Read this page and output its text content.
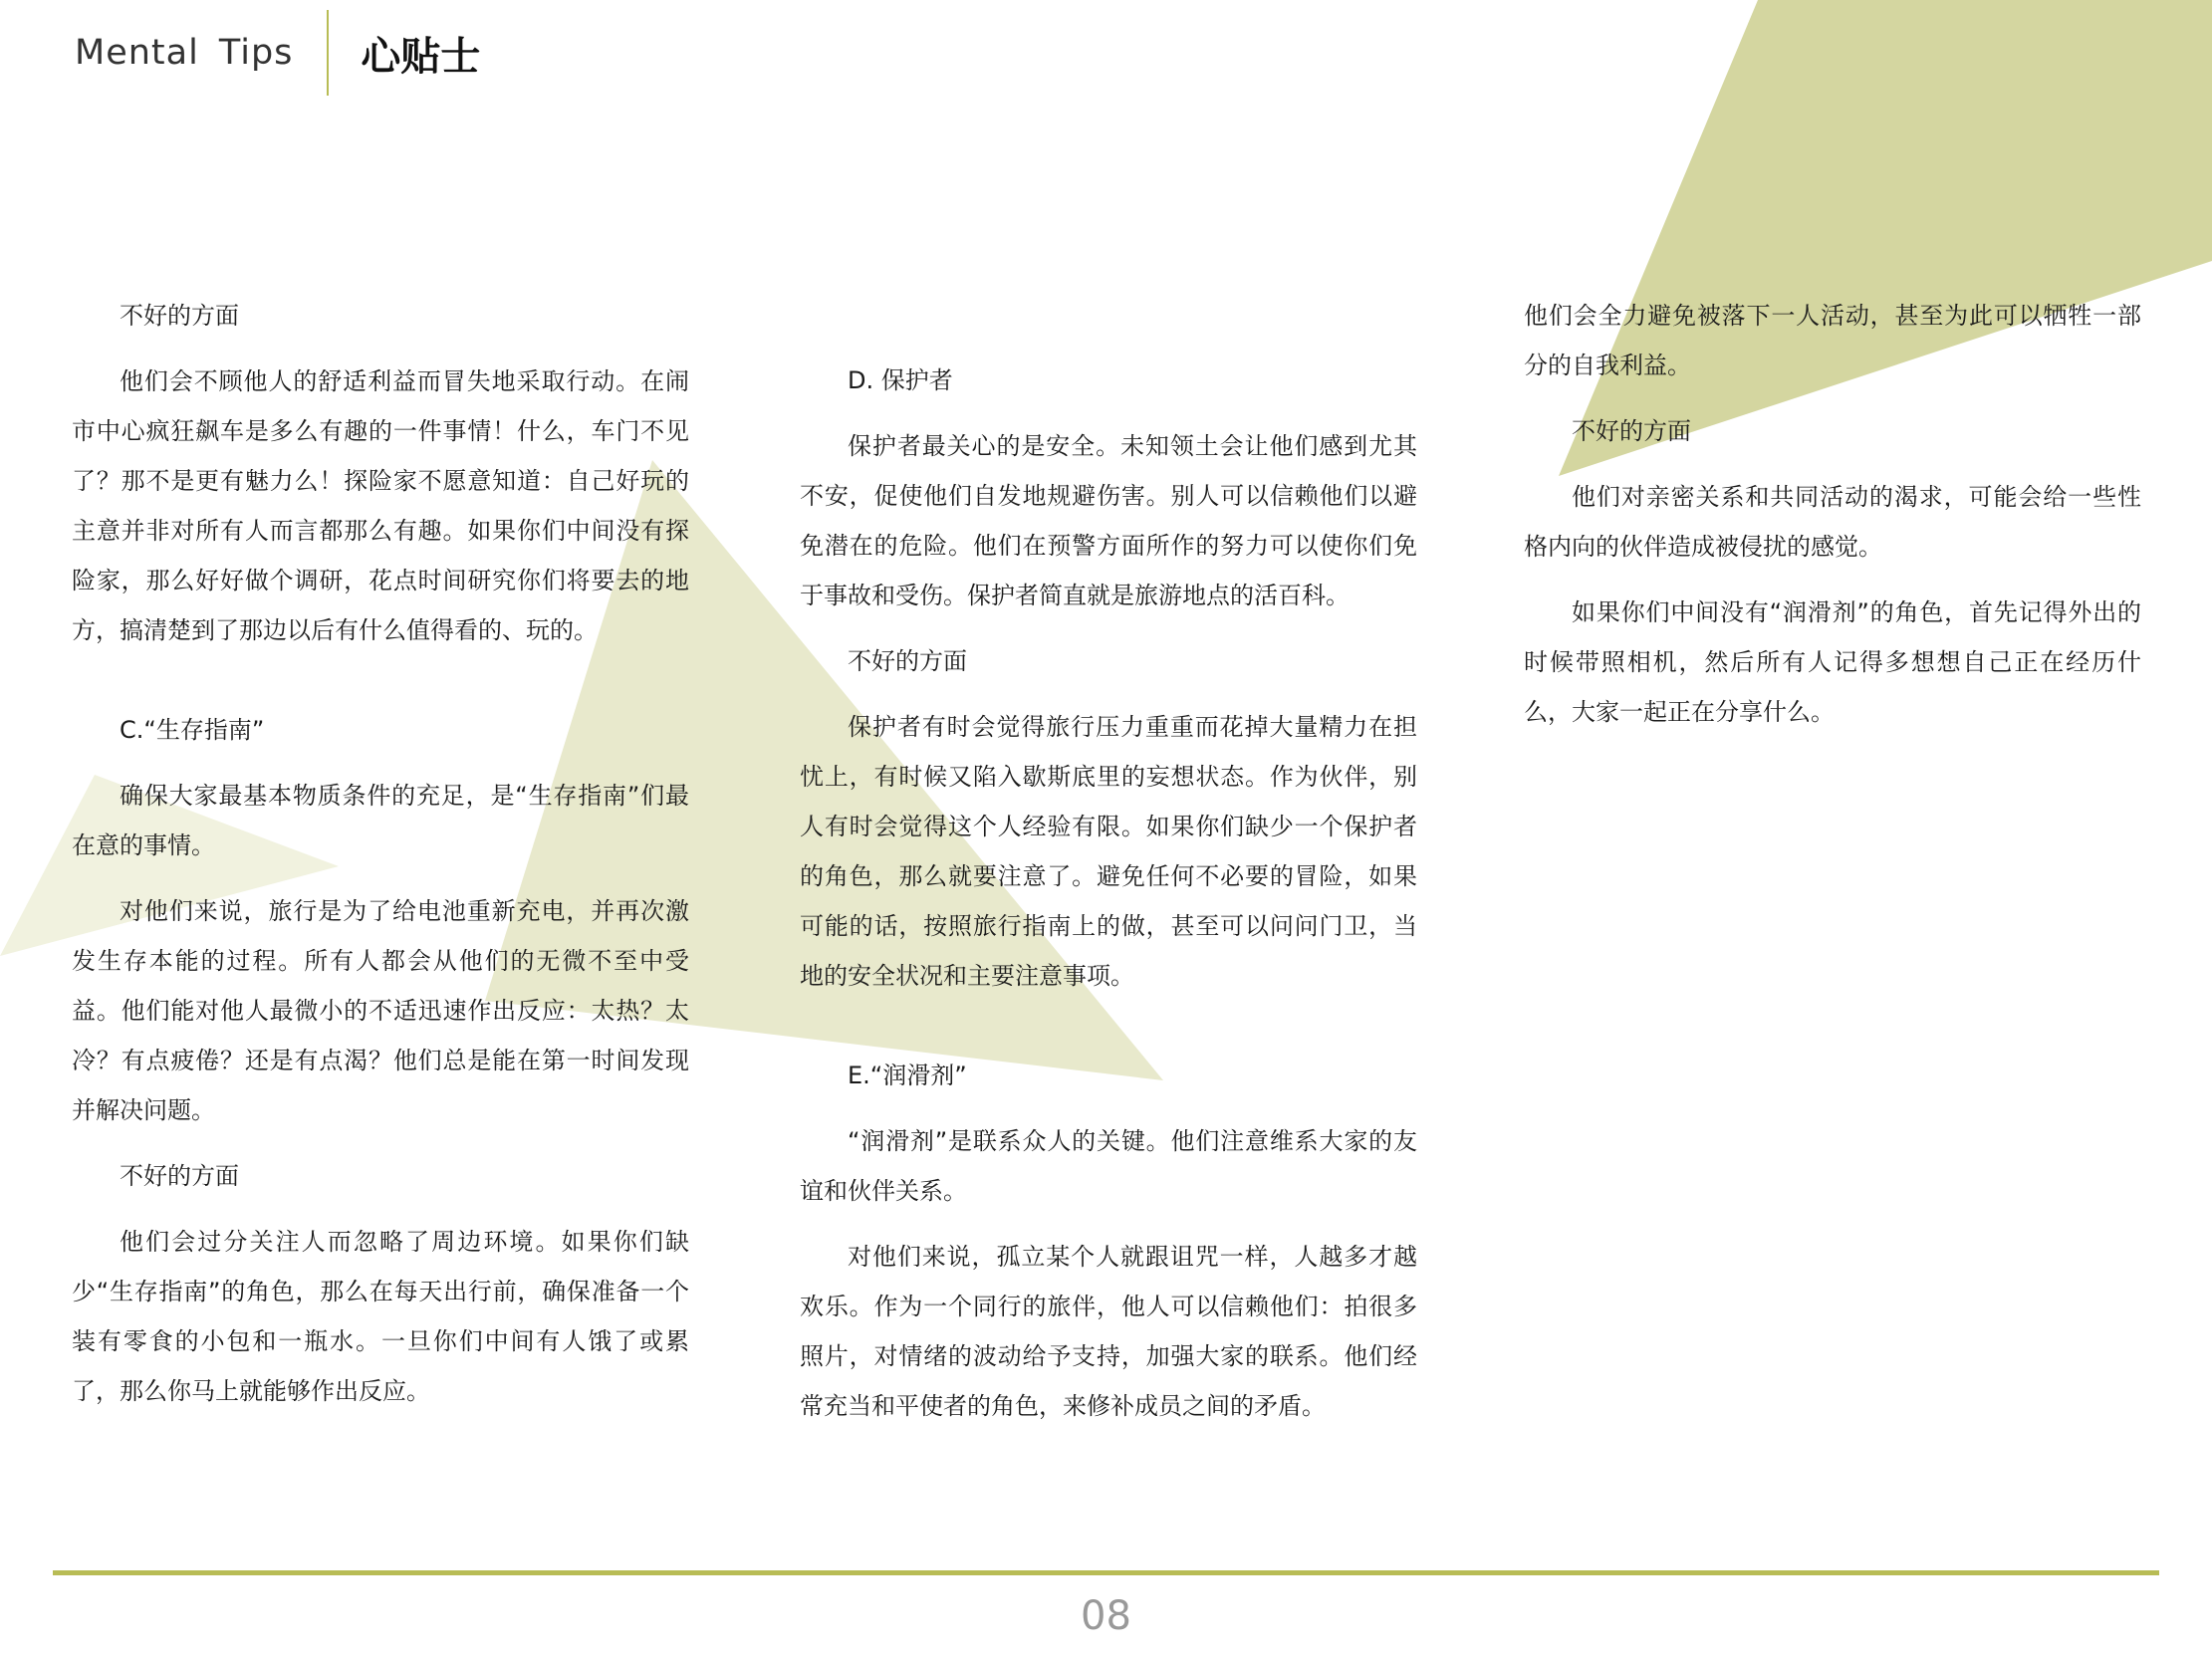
Mental Tips 心贴士

不好的方面

他们会不顾他人的舒适利益而冒失地采取行动。在闹市中心疯狂飙车是多么有趣的一件事情！什么，车门不见了？那不是更有魅力么！探险家不愿意知道：自己好玩的主意并非对所有人而言都那么有趣。如果你们中间没有探险家，那么好好做个调研，花点时间研究你们将要去的地方，搞清楚到了那边以后有什么值得看的、玩的。

C.“生存指南”

确保大家最基本物质条件的充足，是“生存指南”们最在意的事情。

对他们来说，旅行是为了给电池重新充电，并再次激发生存本能的过程。所有人都会从他们的无微不至中受益。他们能对他人最微小的不适迅速作出反应：太热？太冷？有点疲倦？还是有点渴？他们总是能在第一时间发现并解决问题。

不好的方面

他们会过分关注人而忽略了周边环境。如果你们缺少“生存指南”的角色，那么在每天出行前，确保准备一个装有零食的小包和一瓶水。一旦你们中间有人饿了或累了，那么你马上就能够作出反应。

D. 保护者

保护者最关心的是安全。未知领土会让他们感到尤其不安，促使他们自发地规避伤害。别人可以信赖他们以避免潜在的危险。他们在预警方面所作的努力可以使你们免于事故和受伤。保护者简直就是旅游地点的活百科。

不好的方面

保护者有时会觉得旅行压力重重而花掉大量精力在担忧上，有时候又陷入歇斯底里的妄想状态。作为伙伴，别人有时会觉得这个人经验有限。如果你们缺少一个保护者的角色，那么就要注意了。避免任何不必要的冒险，如果可能的话，按照旅行指南上的做，甚至可以问问门卫，当地的安全状况和主要注意事项。

E.“润滑剂”

“润滑剂”是联系众人的关键。他们注意维系大家的友谊和伙伴关系。

对他们来说，孤立某个人就跟诅咒一样，人越多才越欢乐。作为一个同行的旅伴，他人可以信赖他们：拍很多照片，对情绪的波动给予支持，加强大家的联系。他们经常充当和平使者的角色，来修补成员之间的矛盾。

他们会全力避免被落下一人活动，甚至为此可以牺牲一部分的自我利益。

不好的方面

他们对亲密关系和共同活动的渴求，可能会给一些性格内向的伙伴造成被侵扰的感觉。

如果你们中间没有“润滑剂”的角色，首先记得外出的时候带照相机，然后所有人记得多想想自己正在经历什么，大家一起正在分享什么。

08
